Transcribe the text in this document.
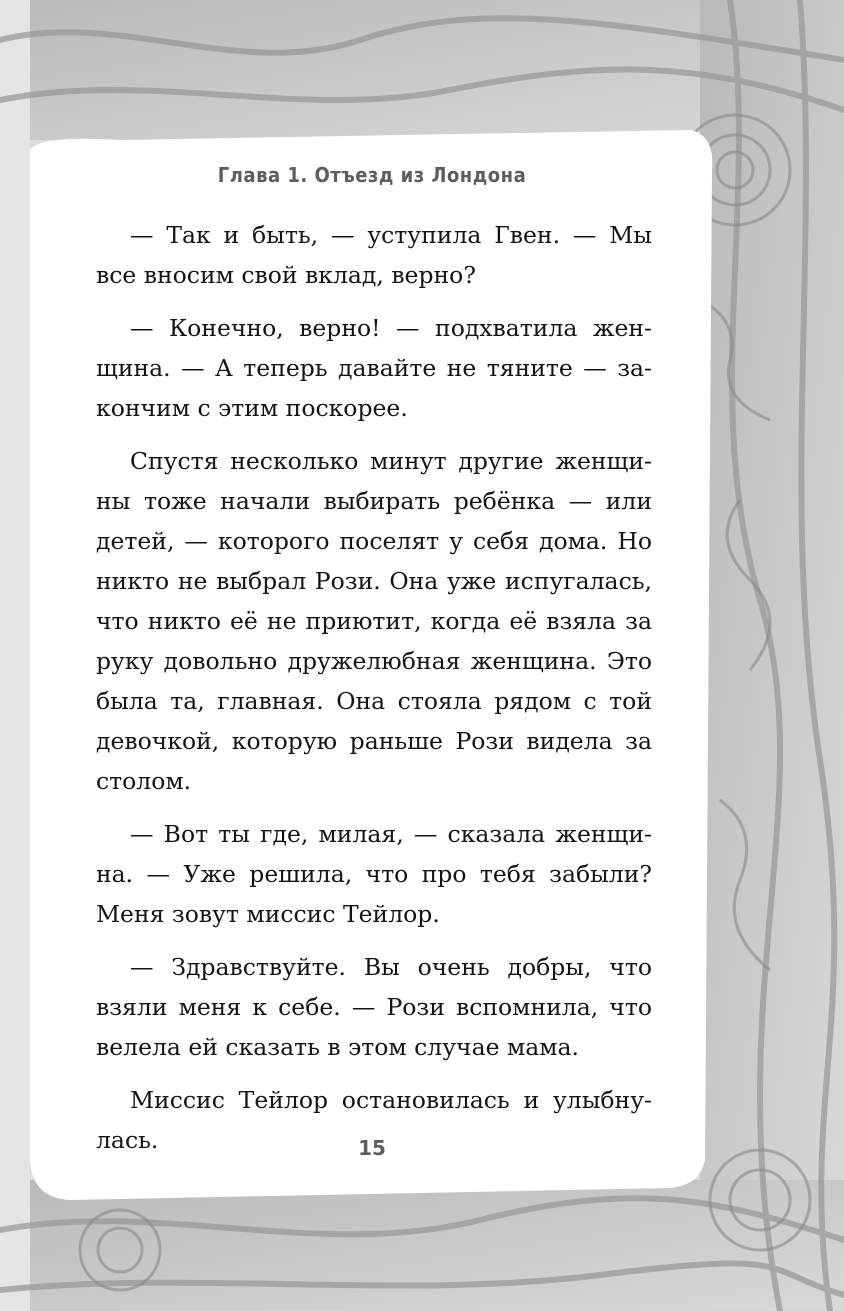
Глава 1. Отъезд из Лондона
— Так и быть, — уступила Гвен. — Мы
все вносим свой вклад, верно?
— Конечно, верно! — подхватила жен-
щина. — А теперь давайте не тяните — за-
кончим с этим поскорее.
Спустя несколько минут другие женщи-
ны тоже начали выбирать ребёнка — или
детей, — которого поселят у себя дома. Но
никто не выбрал Рози. Она уже испугалась,
что никто её не приютит, когда её взяла за
руку довольно дружелюбная женщина. Это
была та, главная. Она стояла рядом с той
девочкой, которую раньше Рози видела за
столом.
— Вот ты где, милая, — сказала женщи-
на. — Уже решила, что про тебя забыли?
Меня зовут миссис Тейлор.
— Здравствуйте. Вы очень добры, что
взяли меня к себе. — Рози вспомнила, что
велела ей сказать в этом случае мама.
Миссис Тейлор остановилась и улыбну-
лась.	15
